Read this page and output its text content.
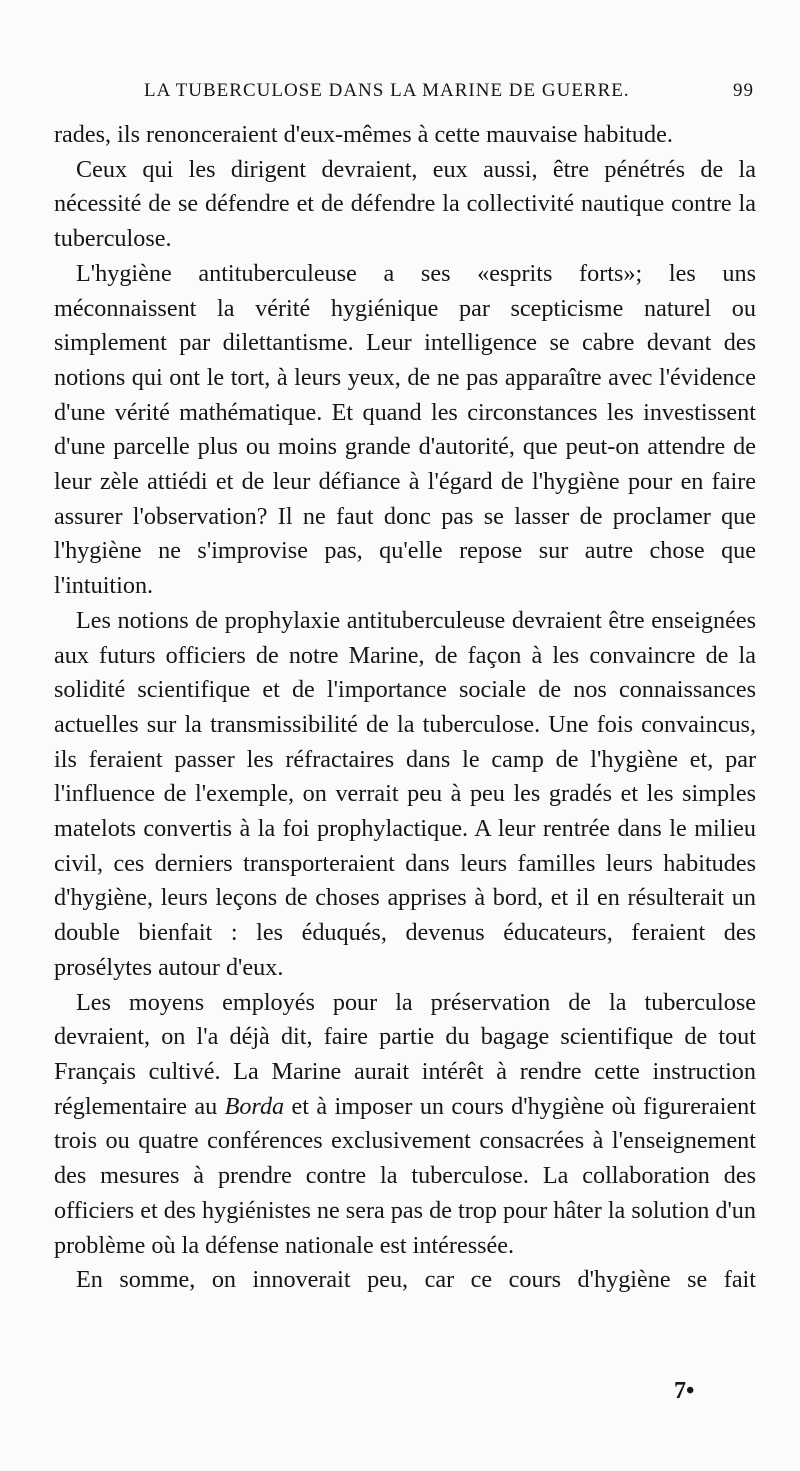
LA TUBERCULOSE DANS LA MARINE DE GUERRE.	99

rades, ils renonceraient d'eux-mêmes à cette mauvaise habitude.

Ceux qui les dirigent devraient, eux aussi, être pénétrés de la nécessité de se défendre et de défendre la collectivité nautique contre la tuberculose.

L'hygiène antituberculeuse a ses «esprits forts»; les uns méconnaissent la vérité hygiénique par scepticisme naturel ou simplement par dilettantisme. Leur intelligence se cabre devant des notions qui ont le tort, à leurs yeux, de ne pas apparaître avec l'évidence d'une vérité mathématique. Et quand les circonstances les investissent d'une parcelle plus ou moins grande d'autorité, que peut-on attendre de leur zèle attiédi et de leur défiance à l'égard de l'hygiène pour en faire assurer l'observation? Il ne faut donc pas se lasser de proclamer que l'hygiène ne s'improvise pas, qu'elle repose sur autre chose que l'intuition.

Les notions de prophylaxie antituberculeuse devraient être enseignées aux futurs officiers de notre Marine, de façon à les convaincre de la solidité scientifique et de l'importance sociale de nos connaissances actuelles sur la transmissibilité de la tuberculose. Une fois convaincus, ils feraient passer les réfractaires dans le camp de l'hygiène et, par l'influence de l'exemple, on verrait peu à peu les gradés et les simples matelots convertis à la foi prophylactique. A leur rentrée dans le milieu civil, ces derniers transporteraient dans leurs familles leurs habitudes d'hygiène, leurs leçons de choses apprises à bord, et il en résulterait un double bienfait : les éduqués, devenus éducateurs, feraient des prosélytes autour d'eux.

Les moyens employés pour la préservation de la tuberculose devraient, on l'a déjà dit, faire partie du bagage scientifique de tout Français cultivé. La Marine aurait intérêt à rendre cette instruction réglementaire au Borda et à imposer un cours d'hygiène où figureraient trois ou quatre conférences exclusivement consacrées à l'enseignement des mesures à prendre contre la tuberculose. La collaboration des officiers et des hygiénistes ne sera pas de trop pour hâter la solution d'un problème où la défense nationale est intéressée.

En somme, on innoverait peu, car ce cours d'hygiène se fait

7•
